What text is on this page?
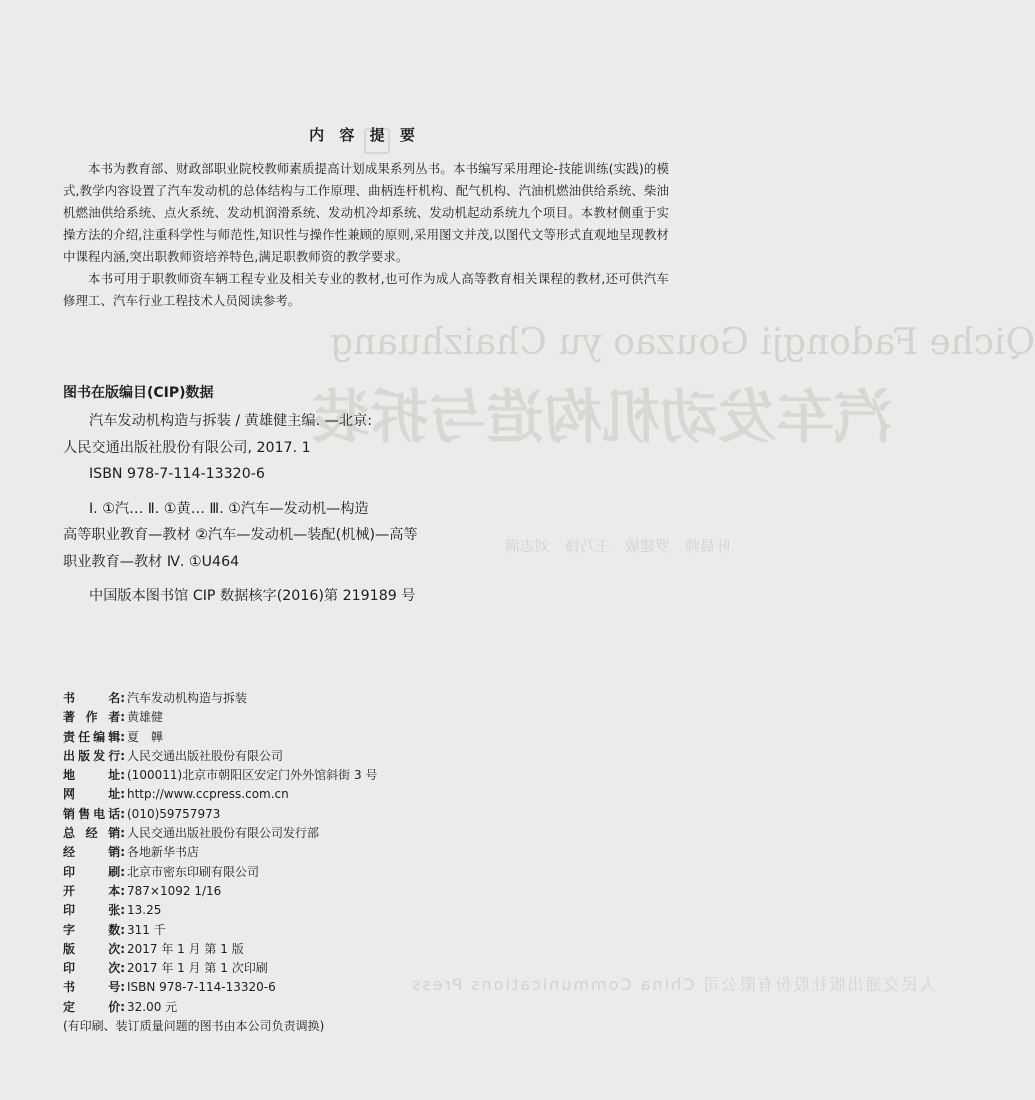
Qiche Fadongji Gouzao yu Chaizhuang
汽车发动机构造与拆装
叶晨帅　罗建敏　王乃锋　刘志满
人民交通出版社股份有限公司 China Communications Press
内 容 提 要

本书为教育部、财政部职业院校教师素质提高计划成果系列丛书。本书编写采用理论-技能训练(实践)的模式,教学内容设置了汽车发动机的总体结构与工作原理、曲柄连杆机构、配气机构、汽油机燃油供给系统、柴油机燃油供给系统、点火系统、发动机润滑系统、发动机冷却系统、发动机起动系统九个项目。本教材侧重于实操方法的介绍,注重科学性与师范性,知识性与操作性兼顾的原则,采用图文并茂,以图代文等形式直观地呈现教材中课程内涵,突出职教师资培养特色,满足职教师资的教学要求。

本书可用于职教师资车辆工程专业及相关专业的教材,也可作为成人高等教育相关课程的教材,还可供汽车修理工、汽车行业工程技术人员阅读参考。

图书在版编目(CIP)数据
汽车发动机构造与拆装 / 黄雄健主编. —北京:
人民交通出版社股份有限公司, 2017. 1
ISBN 978-7-114-13320-6
Ⅰ. ①汽… Ⅱ. ①黄… Ⅲ. ①汽车—发动机—构造
高等职业教育—教材 ②汽车—发动机—装配(机械)—高等
职业教育—教材 Ⅳ. ①U464
中国版本图书馆 CIP 数据核字(2016)第 219189 号
书	名: 汽车发动机构造与拆装
著 作 者: 黄雄健
责 任 编 辑: 夏　韡
出 版 发 行: 人民交通出版社股份有限公司
地	址: (100011)北京市朝阳区安定门外外馆斜街 3 号
网	址: http://www.ccpress.com.cn
销 售 电 话: (010)59757973
总 经 销: 人民交通出版社股份有限公司发行部
经	销: 各地新华书店
印	刷: 北京市密东印刷有限公司
开	本: 787×1092 1/16
印	张: 13.25
字	数: 311 千
版	次: 2017 年 1 月 第 1 版
印	次: 2017 年 1 月 第 1 次印刷
书	号: ISBN 978-7-114-13320-6
定	价: 32.00 元
(有印刷、装订质量问题的图书由本公司负责调换)
